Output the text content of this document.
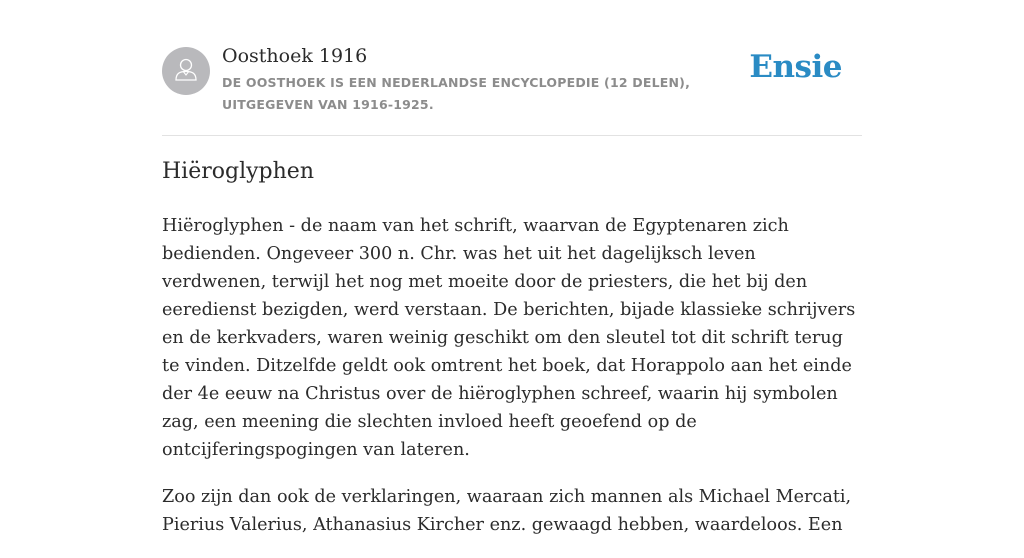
Oosthoek 1916
DE OOSTHOEK IS EEN NEDERLANDSE ENCYCLOPEDIE (12 DELEN), UITGEGEVEN VAN 1916-1925.
Ensie
Hiëroglyphen

Hiëroglyphen - de naam van het schrift, waarvan de Egyptenaren zich bedienden. Ongeveer 300 n. Chr. was het uit het dagelijksch leven verdwenen, terwijl het nog met moeite door de priesters, die het bij den eeredienst bezigden, werd verstaan. De berichten, bijade klassieke schrijvers en de kerkvaders, waren weinig geschikt om den sleutel tot dit schrift terug te vinden. Ditzelfde geldt ook omtrent het boek, dat Horappolo aan het einde der 4e eeuw na Christus over de hiëroglyphen schreef, waarin hij symbolen zag, een meening die slechten invloed heeft geoefend op de ontcijferingspogingen van lateren.

Zoo zijn dan ook de verklaringen, waaraan zich mannen als Michael Mercati, Pierius Valerius, Athanasius Kircher enz. gewaagd hebben, waardeloos. Een
